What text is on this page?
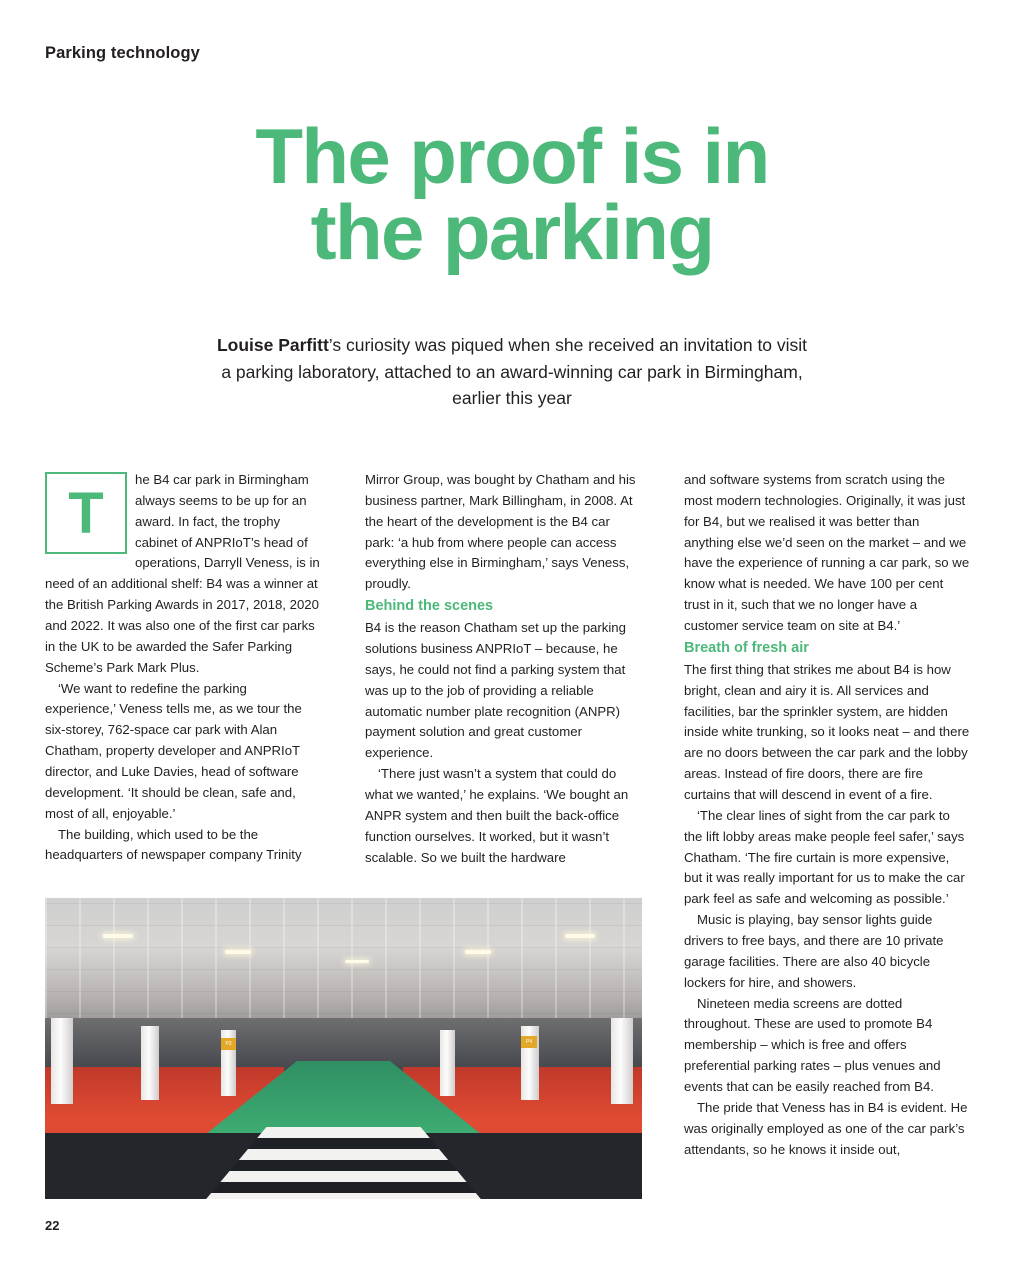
Parking technology
The proof is in
the parking
Louise Parfitt’s curiosity was piqued when she received an invitation to visit a parking laboratory, attached to an award-winning car park in Birmingham, earlier this year
T

he B4 car park in Birmingham always seems to be up for an award. In fact, the trophy cabinet of ANPRIoT’s head of operations, Darryll Veness, is in need of an additional shelf: B4 was a winner at the British Parking Awards in 2017, 2018, 2020 and 2022. It was also one of the first car parks in the UK to be awarded the Safer Parking Scheme’s Park Mark Plus.

‘We want to redefine the parking experience,’ Veness tells me, as we tour the six-storey, 762-space car park with Alan Chatham, property developer and ANPRIoT director, and Luke Davies, head of software development. ‘It should be clean, safe and, most of all, enjoyable.’

The building, which used to be the headquarters of newspaper company Trinity

Mirror Group, was bought by Chatham and his business partner, Mark Billingham, in 2008. At the heart of the development is the B4 car park: ‘a hub from where people can access everything else in Birmingham,’ says Veness, proudly.

Behind the scenes

B4 is the reason Chatham set up the parking solutions business ANPRIoT – because, he says, he could not find a parking system that was up to the job of providing a reliable automatic number plate recognition (ANPR) payment solution and great customer experience.

‘There just wasn’t a system that could do what we wanted,’ he explains. ‘We bought an ANPR system and then built the back-office function ourselves. It worked, but it wasn’t scalable. So we built the hardware

and software systems from scratch using the most modern technologies. Originally, it was just for B4, but we realised it was better than anything else we’d seen on the market – and we have the experience of running a car park, so we know what is needed. We have 100 per cent trust in it, such that we no longer have a customer service team on site at B4.’

Breath of fresh air

The first thing that strikes me about B4 is how bright, clean and airy it is. All services and facilities, bar the sprinkler system, are hidden inside white trunking, so it looks neat – and there are no doors between the car park and the lobby areas. Instead of fire doors, there are fire curtains that will descend in event of a fire.

‘The clear lines of sight from the car park to the lift lobby areas make people feel safer,’ says Chatham. ‘The fire curtain is more expensive, but it was really important for us to make the car park feel as safe and welcoming as possible.’

Music is playing, bay sensor lights guide drivers to free bays, and there are 10 private garage facilities. There are also 40 bicycle lockers for hire, and showers.

Nineteen media screens are dotted throughout. These are used to promote B4 membership – which is free and offers preferential parking rates – plus venues and events that can be easily reached from B4.

The pride that Veness has in B4 is evident. He was originally employed as one of the car park’s attendants, so he knows it inside out,

P3	P4
22
